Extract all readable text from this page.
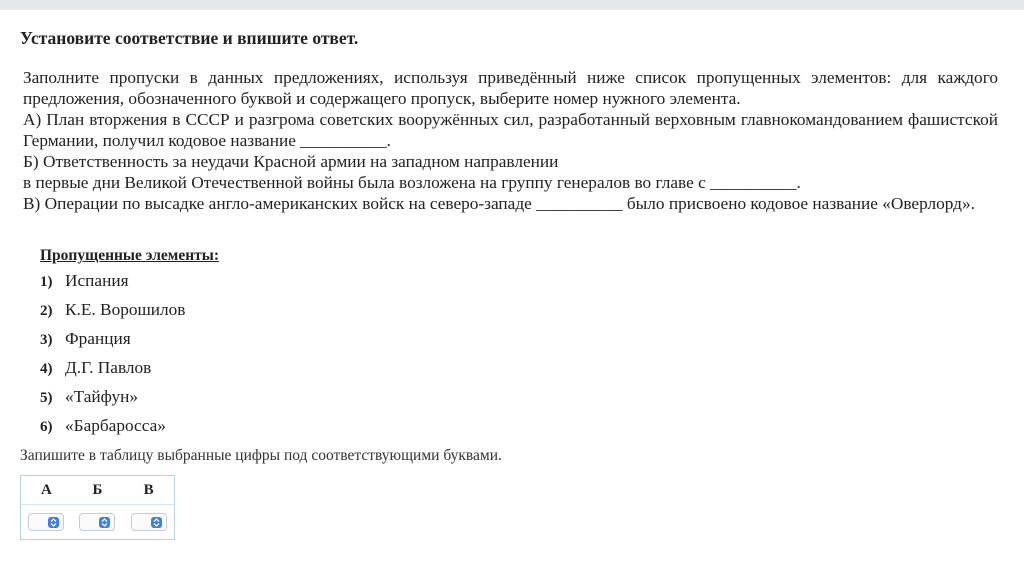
Установите соответствие и впишите ответ.

Заполните пропуски в данных предложениях, используя приведённый ниже список пропущенных элементов: для каждого предложения, обозначенного буквой и содержащего пропуск, выберите номер нужного элемента.

А) План вторжения в СССР и разгрома советских вооружённых сил, разработанный верховным главнокомандованием фашистской Германии, получил кодовое название __________.

Б) Ответственность за неудачи Красной армии на западном направлении

в первые дни Великой Отечественной войны была возложена на группу генералов во главе с __________.

В) Операции по высадке англо-американских войск на северо-западе __________ было присвоено кодовое название «Оверлорд».

Пропущенные элементы:
1) Испания
2) К.Е. Ворошилов
3) Франция
4) Д.Г. Павлов
5) «Тайфун»
6) «Барбаросса»

Запишите в таблицу выбранные цифры под соответствующими буквами.

А	Б	В
